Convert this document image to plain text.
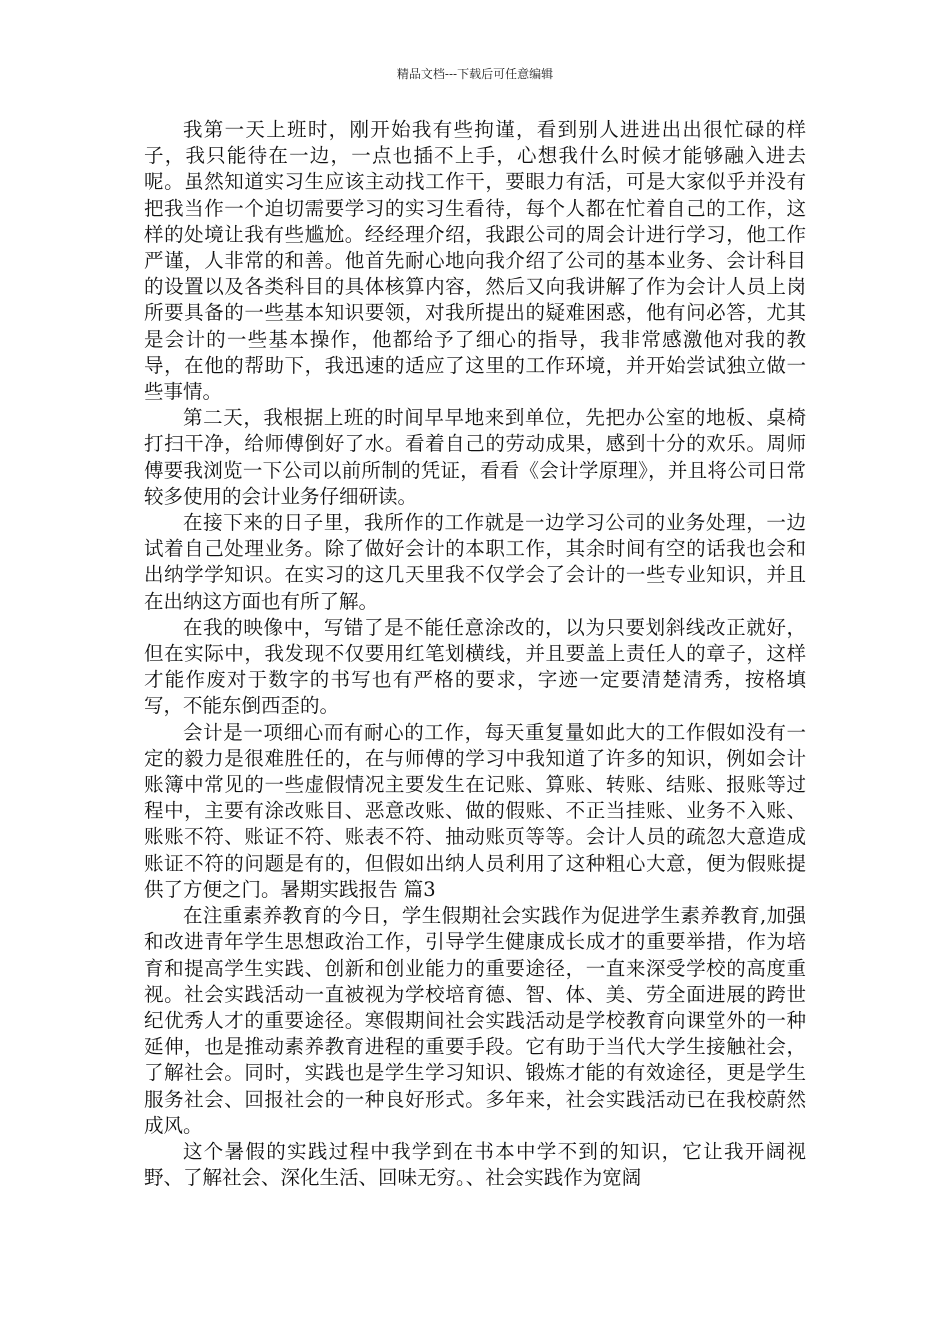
精品文档---下载后可任意编辑

我第一天上班时，刚开始我有些拘谨，看到别人进进出出很忙碌的样子，我只能待在一边，一点也插不上手，心想我什么时候才能够融入进去呢。虽然知道实习生应该主动找工作干，要眼力有活，可是大家似乎并没有把我当作一个迫切需要学习的实习生看待，每个人都在忙着自己的工作，这样的处境让我有些尴尬。经经理介绍，我跟公司的周会计进行学习，他工作严谨，人非常的和善。他首先耐心地向我介绍了公司的基本业务、会计科目的设置以及各类科目的具体核算内容，然后又向我讲解了作为会计人员上岗所要具备的一些基本知识要领，对我所提出的疑难困惑，他有问必答，尤其是会计的一些基本操作，他都给予了细心的指导，我非常感激他对我的教导，在他的帮助下，我迅速的适应了这里的工作环境，并开始尝试独立做一些事情。

第二天，我根据上班的时间早早地来到单位，先把办公室的地板、桌椅打扫干净，给师傅倒好了水。看着自己的劳动成果，感到十分的欢乐。周师傅要我浏览一下公司以前所制的凭证，看看《会计学原理》，并且将公司日常较多使用的会计业务仔细研读。

在接下来的日子里，我所作的工作就是一边学习公司的业务处理，一边试着自己处理业务。除了做好会计的本职工作，其余时间有空的话我也会和出纳学学知识。在实习的这几天里我不仅学会了会计的一些专业知识，并且在出纳这方面也有所了解。

在我的映像中，写错了是不能任意涂改的，以为只要划斜线改正就好，但在实际中，我发现不仅要用红笔划横线，并且要盖上责任人的章子，这样才能作废对于数字的书写也有严格的要求，字迹一定要清楚清秀，按格填写，不能东倒西歪的。

会计是一项细心而有耐心的工作，每天重复量如此大的工作假如没有一定的毅力是很难胜任的，在与师傅的学习中我知道了许多的知识，例如会计账簿中常见的一些虚假情况主要发生在记账、算账、转账、结账、报账等过程中，主要有涂改账目、恶意改账、做的假账、不正当挂账、业务不入账、账账不符、账证不符、账表不符、抽动账页等等。会计人员的疏忽大意造成账证不符的问题是有的，但假如出纳人员利用了这种粗心大意，便为假账提供了方便之门。暑期实践报告 篇3

在注重素养教育的今日，学生假期社会实践作为促进学生素养教育,加强和改进青年学生思想政治工作，引导学生健康成长成才的重要举措，作为培育和提高学生实践、创新和创业能力的重要途径，一直来深受学校的高度重视。社会实践活动一直被视为学校培育德、智、体、美、劳全面进展的跨世纪优秀人才的重要途径。寒假期间社会实践活动是学校教育向课堂外的一种延伸，也是推动素养教育进程的重要手段。它有助于当代大学生接触社会，了解社会。同时，实践也是学生学习知识、锻炼才能的有效途径，更是学生服务社会、回报社会的一种良好形式。多年来，社会实践活动已在我校蔚然成风。

这个暑假的实践过程中我学到在书本中学不到的知识，它让我开阔视野、了解社会、深化生活、回味无穷。、社会实践作为宽阔
